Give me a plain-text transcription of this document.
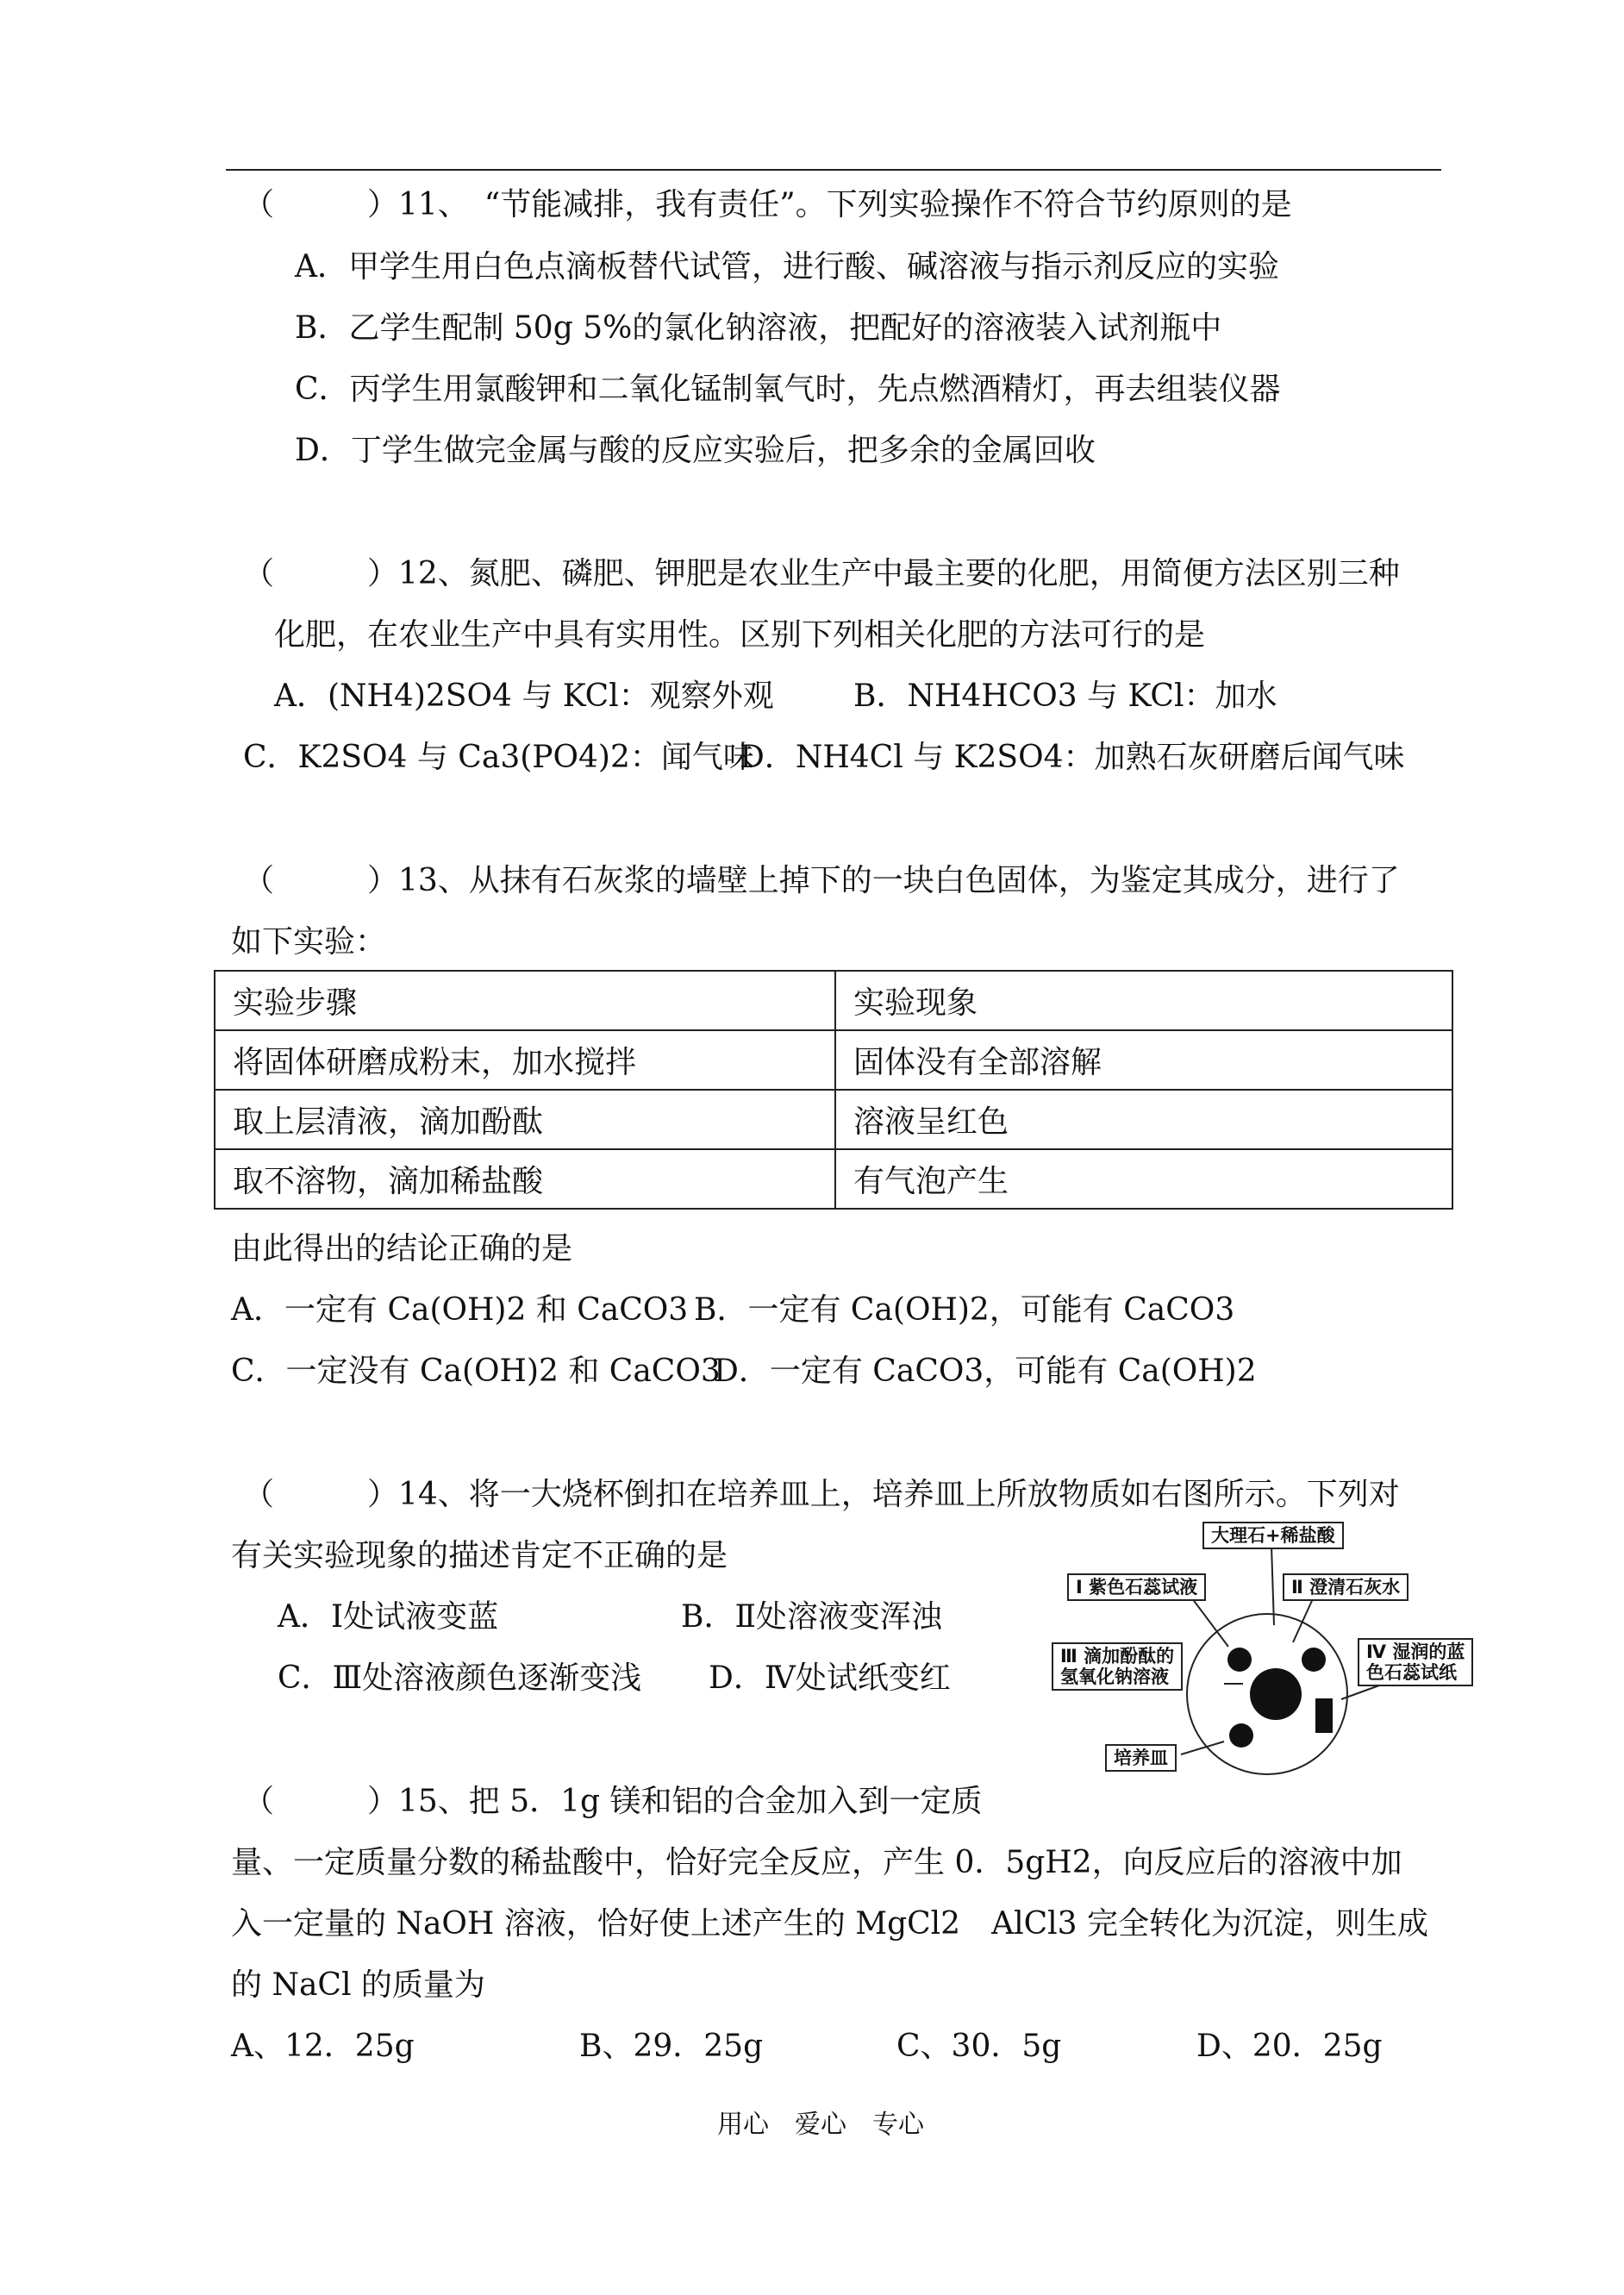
（　　　）11、　“节能减排，我有责任”。下列实验操作不符合节约原则的是
A．甲学生用白色点滴板替代试管，进行酸、碱溶液与指示剂反应的实验
B．乙学生配制 50g 5%的氯化钠溶液，把配好的溶液装入试剂瓶中
C．丙学生用氯酸钾和二氧化锰制氧气时，先点燃酒精灯，再去组装仪器
D．丁学生做完金属与酸的反应实验后，把多余的金属回收
（　　　）12、氮肥、磷肥、钾肥是农业生产中最主要的化肥，用简便方法区别三种
化肥，在农业生产中具有实用性。区别下列相关化肥的方法可行的是
A．(NH4)2SO4 与 KCl：观察外观	B．NH4HCO3 与 KCl：加水
C．K2SO4 与 Ca3(PO4)2：闻气味
D．NH4Cl 与 K2SO4：加熟石灰研磨后闻气味
（　　　）13、从抹有石灰浆的墙壁上掉下的一块白色固体，为鉴定其成分，进行了
如下实验：
实验步骤	实验现象
将固体研磨成粉末，加水搅拌	固体没有全部溶解
取上层清液，滴加酚酞	溶液呈红色
取不溶物，滴加稀盐酸	有气泡产生
由此得出的结论正确的是
A．一定有 Ca(OH)2 和 CaCO3 B．一定有 Ca(OH)2，可能有 CaCO3
C．一定没有 Ca(OH)2 和 CaCO3
D．一定有 CaCO3，可能有 Ca(OH)2
（　　　）14、将一大烧杯倒扣在培养皿上，培养皿上所放物质如右图所示。下列对
有关实验现象的描述肯定不正确的是
A．Ⅰ处试液变蓝	B．Ⅱ处溶液变浑浊
C．Ⅲ处溶液颜色逐渐变浅 D．Ⅳ处试纸变红
大理石+稀盐酸
Ⅰ 紫色石蕊试液	Ⅱ 澄清石灰水
Ⅲ 滴加酚酞的
氢氧化钠溶液
Ⅳ 湿润的蓝
色石蕊试纸
培养皿
（　　　）15、把 5．1g 镁和铝的合金加入到一定质
量、一定质量分数的稀盐酸中，恰好完全反应，产生 0．5gH2，向反应后的溶液中加
入一定量的 NaOH 溶液，恰好使上述产生的 MgCl2　AlCl3 完全转化为沉淀，则生成
的 NaCl 的质量为
A、12．25g	B、29．25g	C、30．5g	D、20．25g
用心　爱心　专心
